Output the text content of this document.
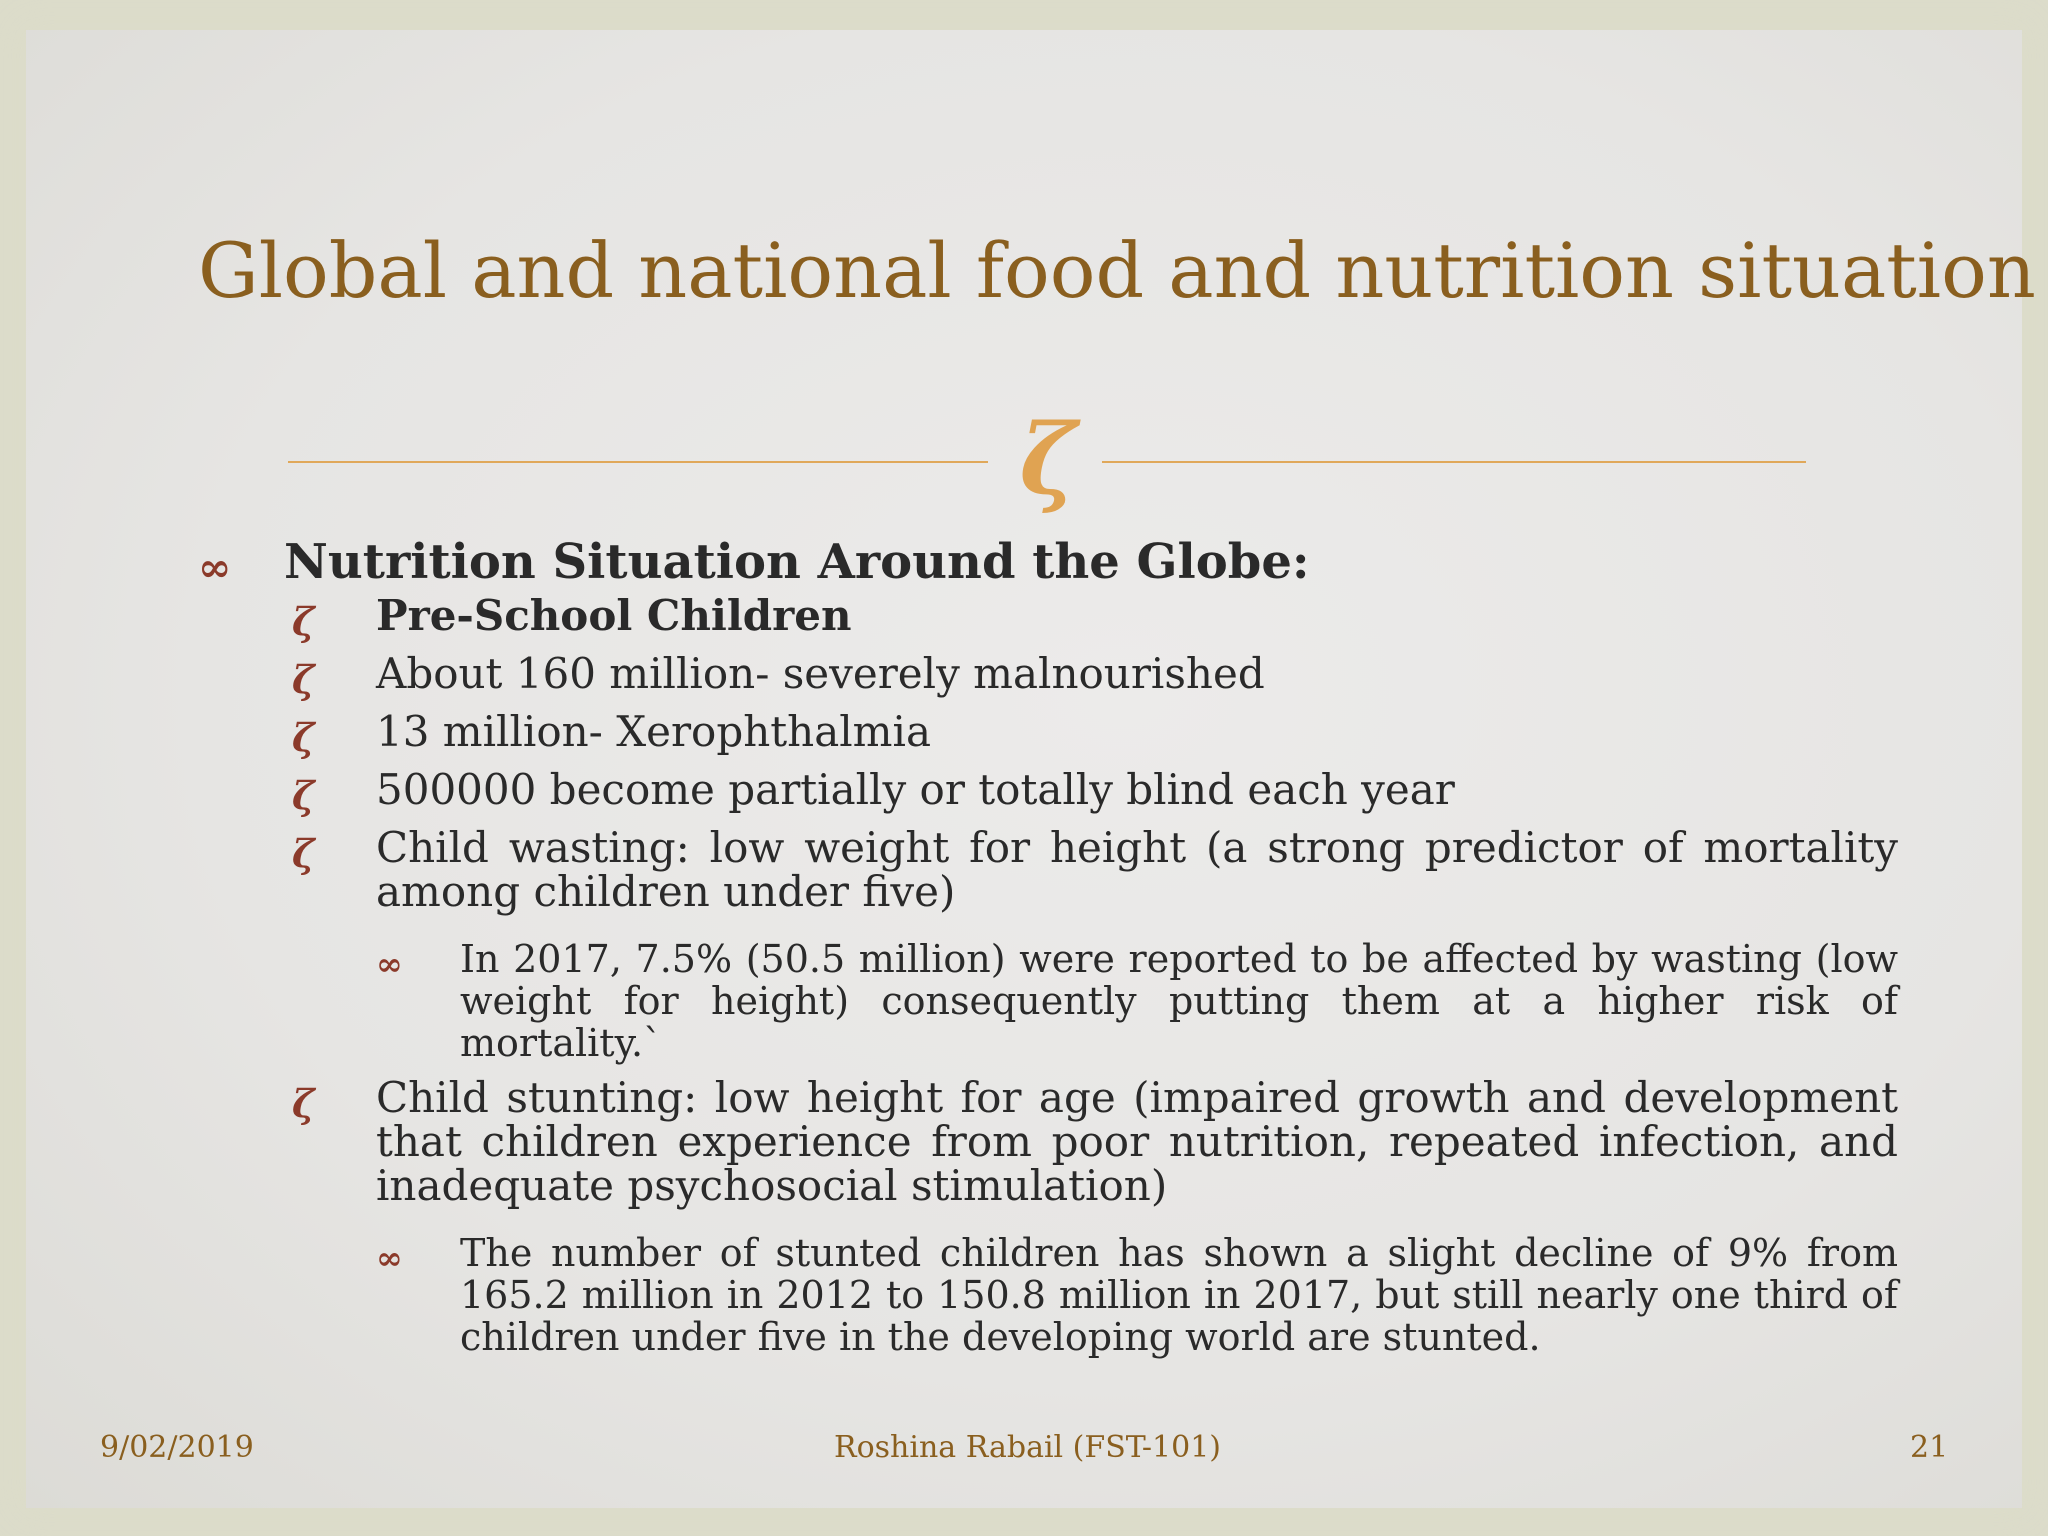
Global and national food and nutrition situation
ζ
∞ Nutrition Situation Around the Globe:
ζ Pre-School Children
ζ About 160 million- severely malnourished
ζ 13 million- Xerophthalmia
ζ 500000 become partially or totally blind each year
ζ Child wasting: low weight for height (a strong predictor of mortality among children under five)
∞ In 2017, 7.5% (50.5 million) were reported to be affected by wasting (low weight for height) consequently putting them at a higher risk of mortality.`
ζ Child stunting: low height for age (impaired growth and development that children experience from poor nutrition, repeated infection, and inadequate psychosocial stimulation)
∞ The number of stunted children has shown a slight decline of 9% from 165.2 million in 2012 to 150.8 million in 2017, but still nearly one third of children under five in the developing world are stunted.
9/02/2019	Roshina Rabail (FST-101)	21
